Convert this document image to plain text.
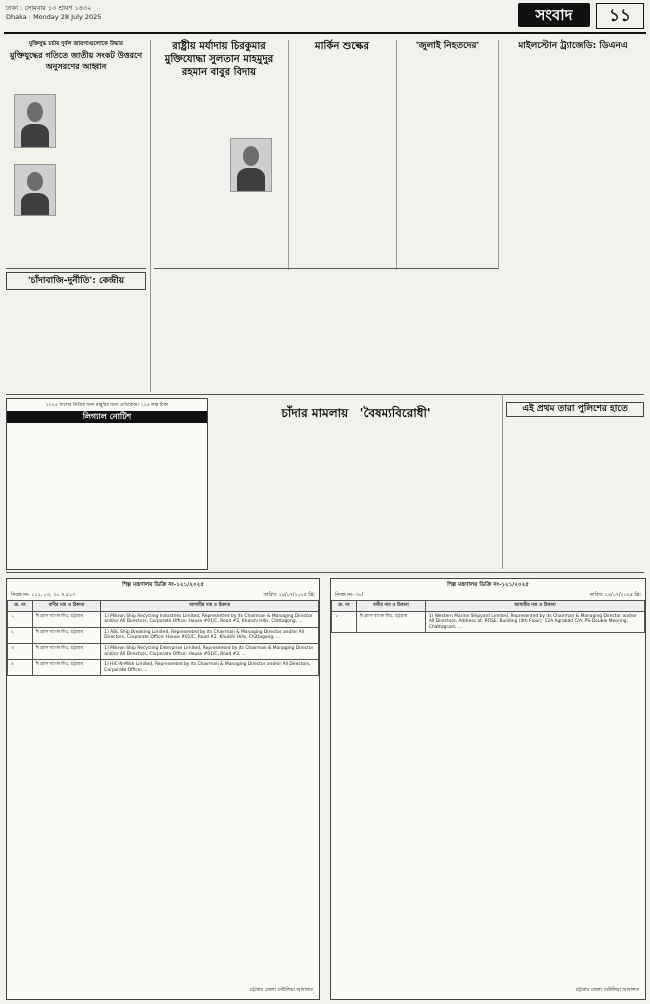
ঢাকা : সোমবার ১৩ শ্রাবণ ১৪৩২
Dhaka : Monday 28 July 2025	সংবাদ	১১
মুক্তিযুদ্ধ চর্চায় দুর্বল জায়গাগুলোকে উদ্ধার
মুক্তিযুদ্ধের গতিতে জাতীয় সংকট উত্তরণে অনুসরণের আহ্বান
'চাঁদাবাজি-দুর্নীতি': কেন্দ্রীয়
রাষ্ট্রীয় মর্যাদায় চিরকুমার মুক্তিযোদ্ধা সুলতান মাহমুদুর রহমান বাবুর বিদায়
মার্কিন শুল্কের	'জুলাই নিহতদের'	মাইলস্টোন ট্র্যাজেডি: ডিএনএ
২০২৫ সালের ডিগ্রির সনদ মঞ্জুরির জন্য প্রতিবেদন। ১১৪ লক্ষ টাকা
লিগ্যাল নোটিশ	চাঁদার মামলায় 'বৈষম্যবিরোধী'	এই প্রথম তারা পুলিশের হাতে
শিল্প মন্ত্রণালয় ডিক্রি নং-১২১/২০২৫
নিবন্ধ নং- ১২২, ০৩, ৩০ ও ৫১৩	তারিখ: ২৪/০৭/২০২৫ খ্রি:
ক্র. নং	বাদীর নাম ও ঠিকানা	আসামীর নাম ও ঠিকানা
১	ঈ গ্ল্যাস ব্যাংক লিঃ, চট্টগ্রাম	1) Mikron Ship Recycling Industries Limited, Represented by its Chairman & Managing Director and/or All Directors, Corporate Office: House #01/C, Road #2, Khulshi Hills, Chittagong, ...
২	ঈ গ্ল্যাস ব্যাংক লিঃ, চট্টগ্রাম	1) ABL Ship Breaking Limited, Represented by its Chairman & Managing Director and/or All Directors, Corporate Office: House #01/C, Road #2, Khulshi Hills, Chittagong, ...
৩	ঈ গ্ল্যাস ব্যাংক লিঃ, চট্টগ্রাম	1) Mikron Ship Recycling Enterprise Limited, Represented by its Chairman & Managing Director and/or All Directors, Corporate Office: House #01/C, Road #2, ...
৪	ঈ গ্ল্যাস ব্যাংক লিঃ, চট্টগ্রাম	1) HIC-N-Mikk Limited, Represented by its Chairman & Managing Director and/or All Directors, Corporate Office: ...
চট্টগ্রাম জেলা দেউলিয়া আদালত
শিল্প মন্ত্রণালয় ডিক্রি নং-১২১/২০২৫
নিবন্ধ নং- ৩০/	তারিখ: ২৪/০৭/২০২৫ খ্রি:
ক্র. নং	বাদীর নাম ও ঠিকানা	আসামীর নাম ও ঠিকানা
১	ঈ গ্ল্যাস ব্যাংক লিঃ, চট্টগ্রাম	1) Western Marine Shipyard Limited, Represented by its Chairman & Managing Director and/or All Directors, Address at: ROSE, Building (4th Floor), 12A Agrabad C/A, PS-Double Mooring, Chattogram, ...
চট্টগ্রাম জেলা দেউলিয়া আদালত
